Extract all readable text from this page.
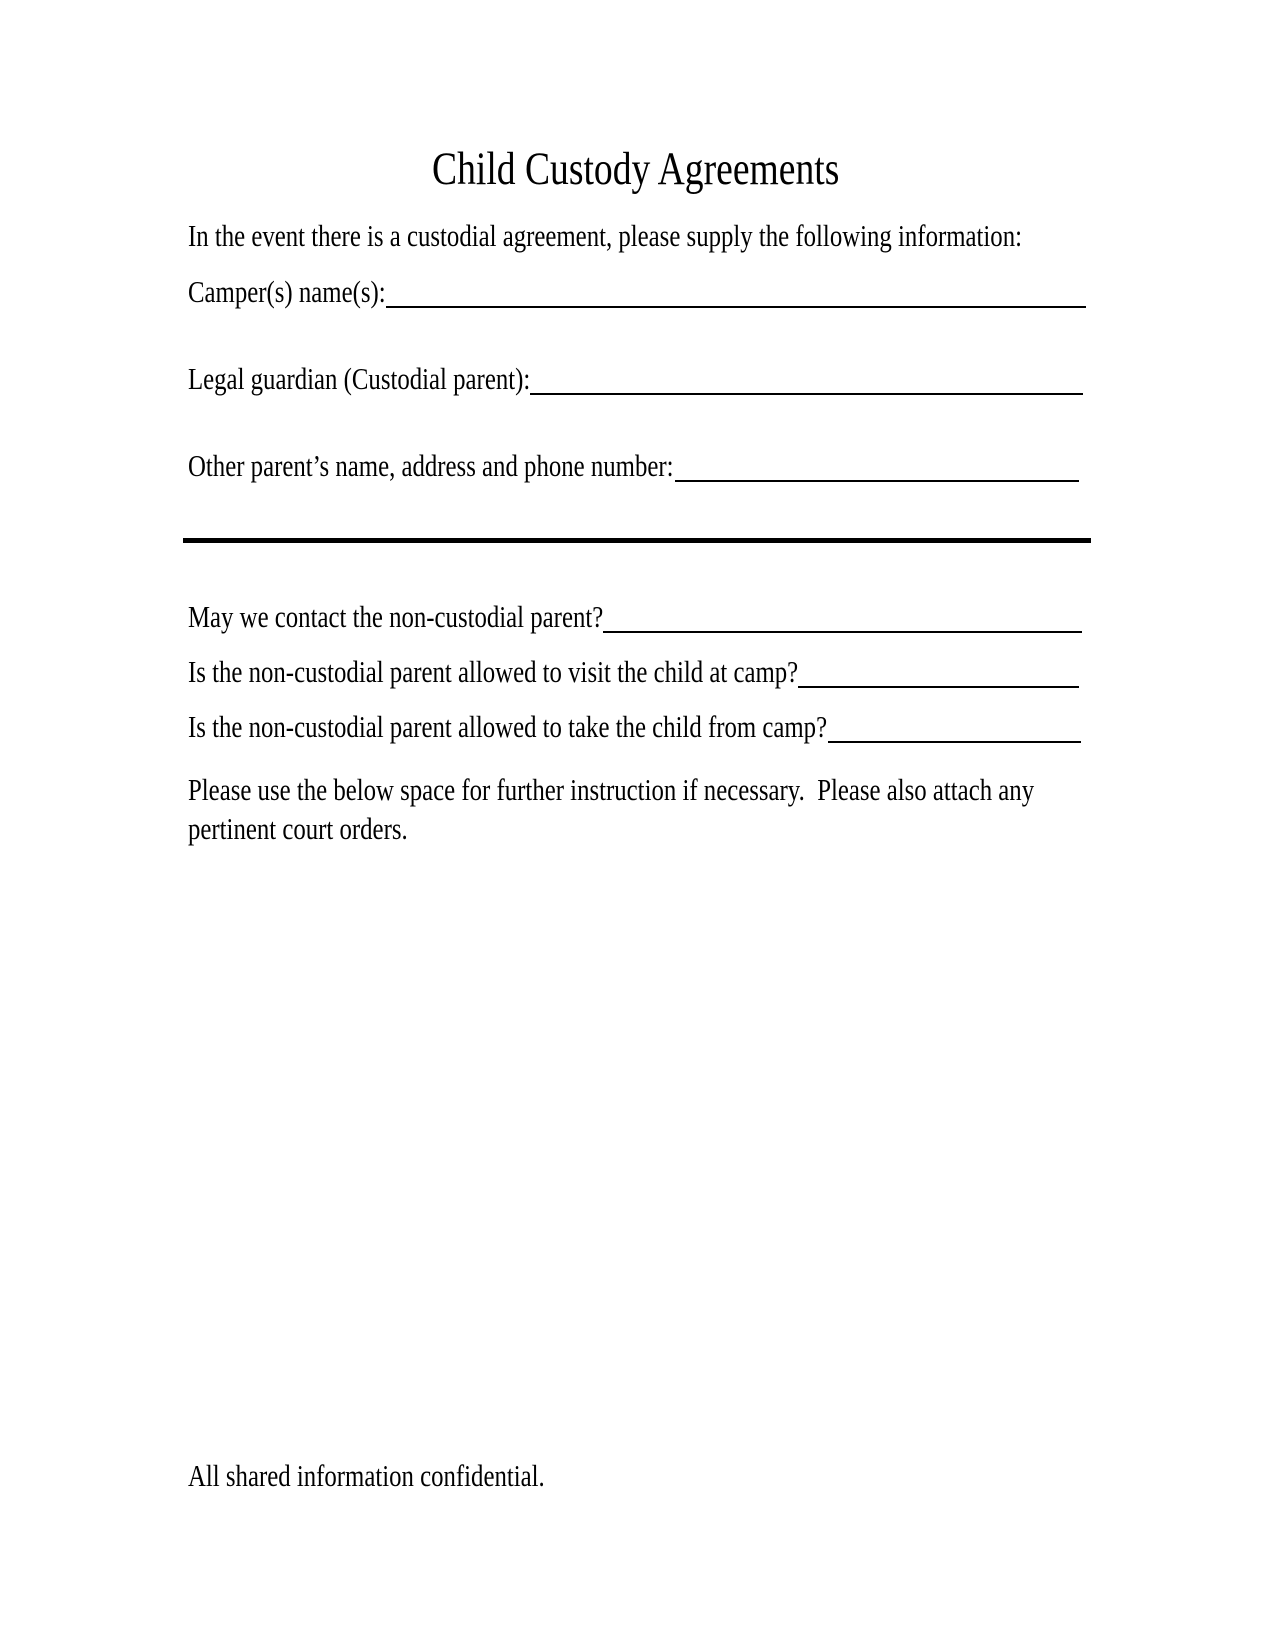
Child Custody Agreements
In the event there is a custodial agreement, please supply the following information:
Camper(s) name(s):
Legal guardian (Custodial parent):
Other parent’s name, address and phone number:
May we contact the non-custodial parent?
Is the non-custodial parent allowed to visit the child at camp?
Is the non-custodial parent allowed to take the child from camp?
Please use the below space for further instruction if necessary.  Please also attach any pertinent court orders.
All shared information confidential.
